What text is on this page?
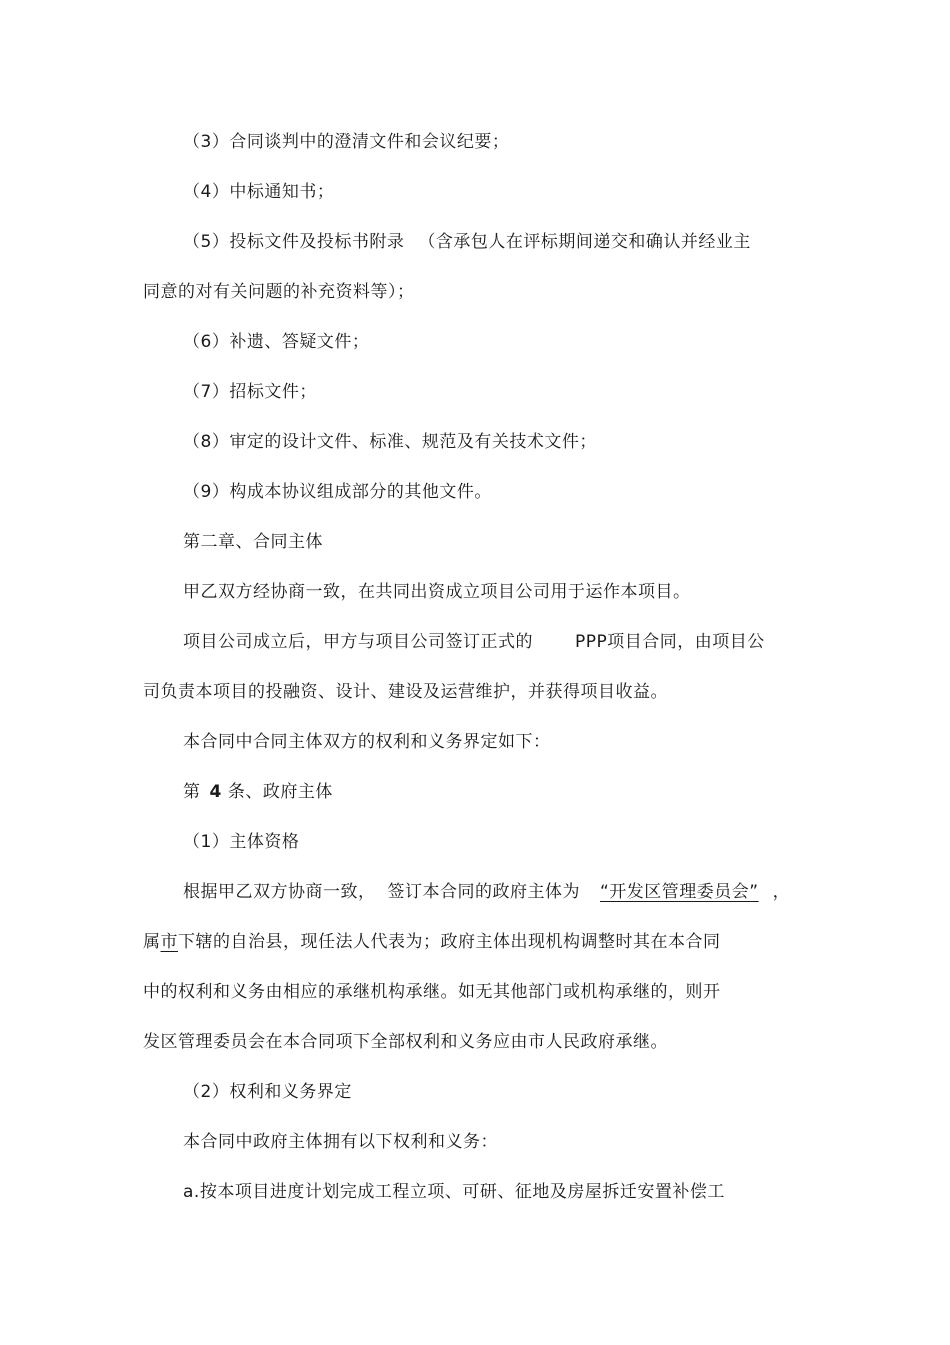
（3）合同谈判中的澄清文件和会议纪要；
（4）中标通知书；
（5）投标文件及投标书附录 （含承包人在评标期间递交和确认并经业主
同意的对有关问题的补充资料等）；
（6）补遗、答疑文件；
（7）招标文件；
（8）审定的设计文件、标准、规范及有关技术文件；
（9）构成本协议组成部分的其他文件。
第二章、合同主体
甲乙双方经协商一致，在共同出资成立项目公司用于运作本项目。
项目公司成立后，甲方与项目公司签订正式的 PPP项目合同，由项目公
司负责本项目的投融资、设计、建设及运营维护，并获得项目收益。
本合同中合同主体双方的权利和义务界定如下：
第 4 条、政府主体
（1）主体资格
根据甲乙双方协商一致， 签订本合同的政府主体为 “开发区管理委员会” ，
属市下辖的自治县，现任法人代表为；政府主体出现机构调整时其在本合同
中的权利和义务由相应的承继机构承继。如无其他部门或机构承继的，则开
发区管理委员会在本合同项下全部权利和义务应由市人民政府承继。
（2）权利和义务界定
本合同中政府主体拥有以下权利和义务：
a.按本项目进度计划完成工程立项、可研、征地及房屋拆迁安置补偿工
